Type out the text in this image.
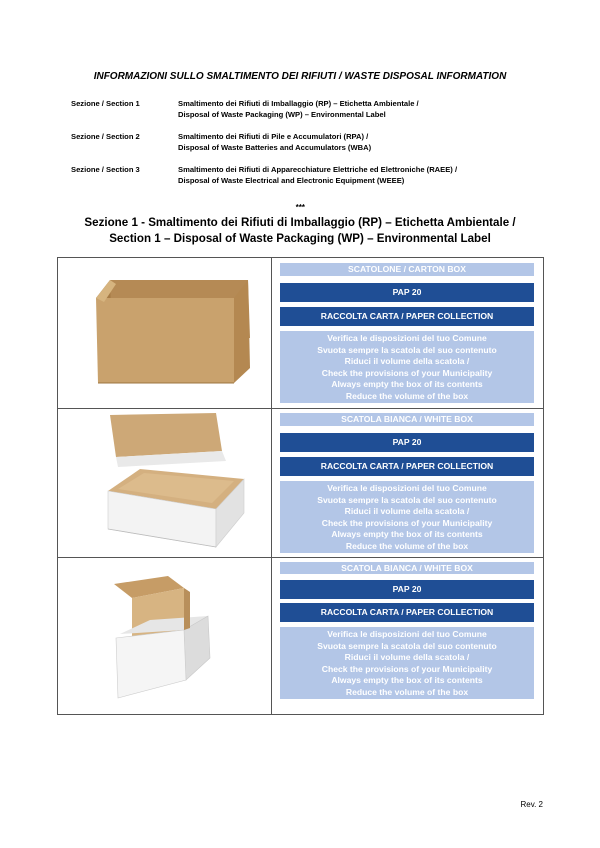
INFORMAZIONI SULLO SMALTIMENTO DEI RIFIUTI / WASTE DISPOSAL INFORMATION
Sezione / Section 1	Smaltimento dei Rifiuti di Imballaggio (RP) – Etichetta Ambientale /
Disposal of Waste Packaging (WP) – Environmental Label
Sezione / Section 2	Smaltimento dei Rifiuti di Pile e Accumulatori (RPA) /
Disposal of Waste Batteries and Accumulators (WBA)
Sezione / Section 3	Smaltimento dei Rifiuti di Apparecchiature Elettriche ed Elettroniche (RAEE) /
Disposal of Waste Electrical and Electronic Equipment (WEEE)
***
Sezione 1 - Smaltimento dei Rifiuti di Imballaggio (RP) – Etichetta Ambientale /
Section 1 – Disposal of Waste Packaging (WP) – Environmental Label
SCATOLONE / CARTON BOX
PAP 20
RACCOLTA CARTA / PAPER COLLECTION
Verifica le disposizioni del tuo Comune
Svuota sempre la scatola del suo contenuto
Riduci il volume della scatola /
Check the provisions of your Municipality
Always empty the box of its contents
Reduce the volume of the box
SCATOLA BIANCA / WHITE BOX
PAP 20
RACCOLTA CARTA / PAPER COLLECTION
Verifica le disposizioni del tuo Comune
Svuota sempre la scatola del suo contenuto
Riduci il volume della scatola /
Check the provisions of your Municipality
Always empty the box of its contents
Reduce the volume of the box
SCATOLA BIANCA / WHITE BOX
PAP 20
RACCOLTA CARTA / PAPER COLLECTION
Verifica le disposizioni del tuo Comune
Svuota sempre la scatola del suo contenuto
Riduci il volume della scatola /
Check the provisions of your Municipality
Always empty the box of its contents
Reduce the volume of the box
Rev. 2
